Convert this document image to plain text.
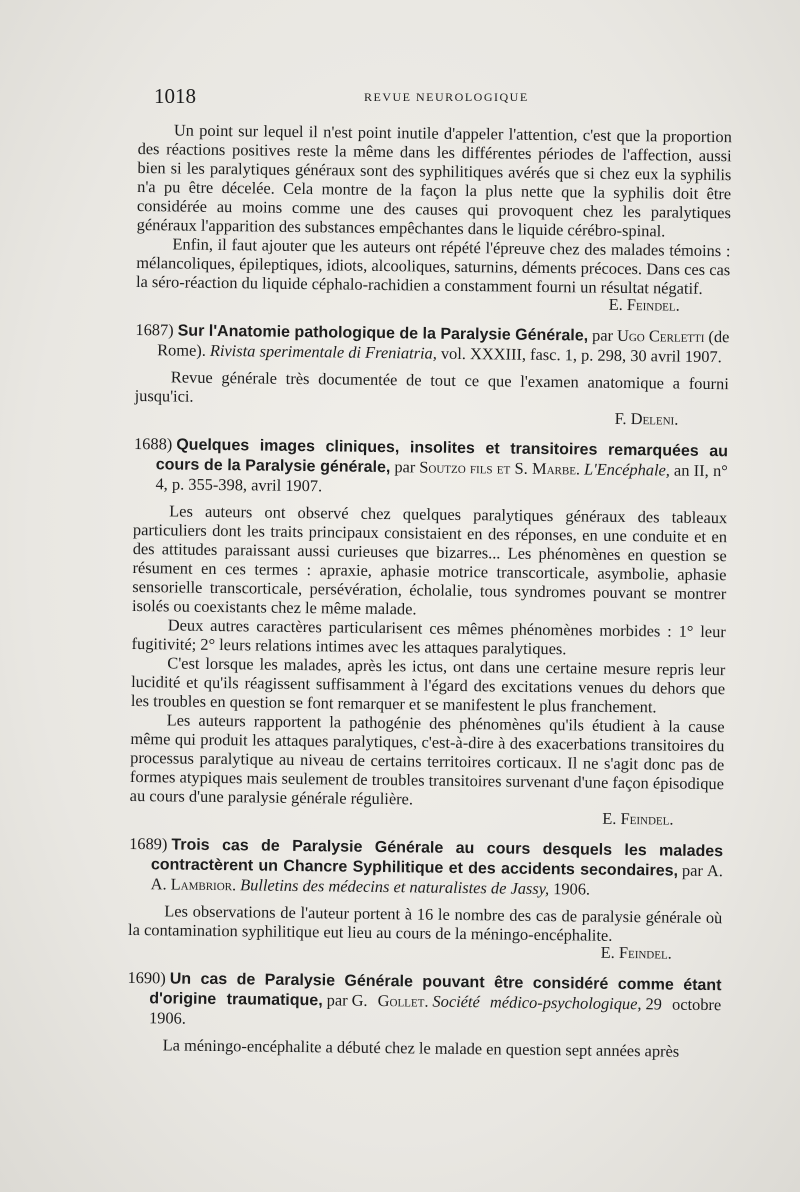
1018	REVUE NEUROLOGIQUE

Un point sur lequel il n'est point inutile d'appeler l'attention, c'est que la proportion des réactions positives reste la même dans les différentes périodes de l'affection, aussi bien si les paralytiques généraux sont des syphilitiques avérés que si chez eux la syphilis n'a pu être décelée. Cela montre de la façon la plus nette que la syphilis doit être considérée au moins comme une des causes qui provoquent chez les paralytiques généraux l'apparition des substances empêchantes dans le liquide cérébro-spinal.

Enfin, il faut ajouter que les auteurs ont répété l'épreuve chez des malades témoins : mélancoliques, épileptiques, idiots, alcooliques, saturnins, déments précoces. Dans ces cas la séro-réaction du liquide céphalo-rachidien a constamment fourni un résultat négatif.

E. Feindel.

1687) Sur l'Anatomie pathologique de la Paralysie Générale, par Ugo Cerletti (de Rome). Rivista sperimentale di Freniatria, vol. XXXIII, fasc. 1, p. 298, 30 avril 1907.

Revue générale très documentée de tout ce que l'examen anatomique a fourni jusqu'ici.

F. Deleni.

1688) Quelques images cliniques, insolites et transitoires remarquées au cours de la Paralysie générale, par Soutzo fils et S. Marbe. L'Encéphale, an II, n° 4, p. 355-398, avril 1907.

Les auteurs ont observé chez quelques paralytiques généraux des tableaux particuliers dont les traits principaux consistaient en des réponses, en une conduite et en des attitudes paraissant aussi curieuses que bizarres... Les phénomènes en question se résument en ces termes : apraxie, aphasie motrice transcorticale, asymbolie, aphasie sensorielle transcorticale, persévération, écholalie, tous syndromes pouvant se montrer isolés ou coexistants chez le même malade.

Deux autres caractères particularisent ces mêmes phénomènes morbides : 1° leur fugitivité; 2° leurs relations intimes avec les attaques paralytiques.

C'est lorsque les malades, après les ictus, ont dans une certaine mesure repris leur lucidité et qu'ils réagissent suffisamment à l'égard des excitations venues du dehors que les troubles en question se font remarquer et se manifestent le plus franchement.

Les auteurs rapportent la pathogénie des phénomènes qu'ils étudient à la cause même qui produit les attaques paralytiques, c'est-à-dire à des exacerbations transitoires du processus paralytique au niveau de certains territoires corticaux. Il ne s'agit donc pas de formes atypiques mais seulement de troubles transitoires survenant d'une façon épisodique au cours d'une paralysie générale régulière.

E. Feindel.

1689) Trois cas de Paralysie Générale au cours desquels les malades contractèrent un Chancre Syphilitique et des accidents secondaires, par A. A. Lambrior. Bulletins des médecins et naturalistes de Jassy, 1906.

Les observations de l'auteur portent à 16 le nombre des cas de paralysie générale où la contamination syphilitique eut lieu au cours de la méningo-encéphalite.

E. Feindel.

1690) Un cas de Paralysie Générale pouvant être considéré comme étant d'origine traumatique, par G. Gollet. Société médico-psychologique, 29 octobre 1906.

La méningo-encéphalite a débuté chez le malade en question sept années après
